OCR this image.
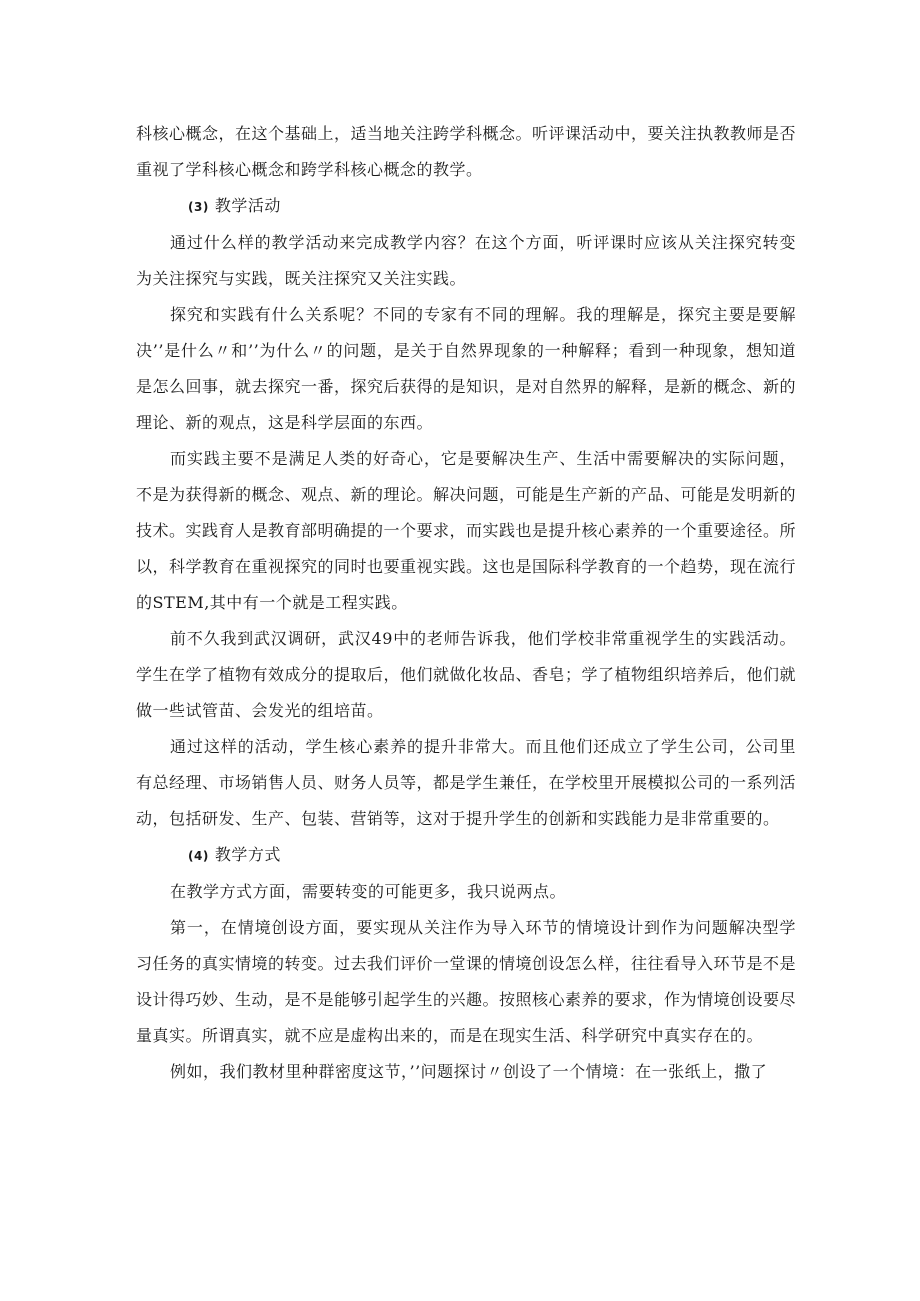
科核心概念，在这个基础上，适当地关注跨学科概念。听评课活动中，要关注执教教师是否重视了学科核心概念和跨学科核心概念的教学。

(3) 教学活动

通过什么样的教学活动来完成教学内容？在这个方面，听评课时应该从关注探究转变为关注探究与实践，既关注探究又关注实践。

探究和实践有什么关系呢？不同的专家有不同的理解。我的理解是，探究主要是要解决’’是什么〃和’’为什么〃的问题，是关于自然界现象的一种解释；看到一种现象，想知道是怎么回事，就去探究一番，探究后获得的是知识，是对自然界的解释，是新的概念、新的理论、新的观点，这是科学层面的东西。

而实践主要不是满足人类的好奇心，它是要解决生产、生活中需要解决的实际问题，不是为获得新的概念、观点、新的理论。解决问题，可能是生产新的产品、可能是发明新的技术。实践育人是教育部明确提的一个要求，而实践也是提升核心素养的一个重要途径。所以，科学教育在重视探究的同时也要重视实践。这也是国际科学教育的一个趋势，现在流行的STEM,其中有一个就是工程实践。

前不久我到武汉调研，武汉49中的老师告诉我，他们学校非常重视学生的实践活动。学生在学了植物有效成分的提取后，他们就做化妆品、香皂；学了植物组织培养后，他们就做一些试管苗、会发光的组培苗。

通过这样的活动，学生核心素养的提升非常大。而且他们还成立了学生公司，公司里有总经理、市场销售人员、财务人员等，都是学生兼任，在学校里开展模拟公司的一系列活动，包括研发、生产、包装、营销等，这对于提升学生的创新和实践能力是非常重要的。

(4) 教学方式

在教学方式方面，需要转变的可能更多，我只说两点。

第一，在情境创设方面，要实现从关注作为导入环节的情境设计到作为问题解决型学习任务的真实情境的转变。过去我们评价一堂课的情境创设怎么样，往往看导入环节是不是设计得巧妙、生动，是不是能够引起学生的兴趣。按照核心素养的要求，作为情境创设要尽量真实。所谓真实，就不应是虚构出来的，而是在现实生活、科学研究中真实存在的。

例如，我们教材里种群密度这节，’’问题探讨〃创设了一个情境：在一张纸上，撒了
